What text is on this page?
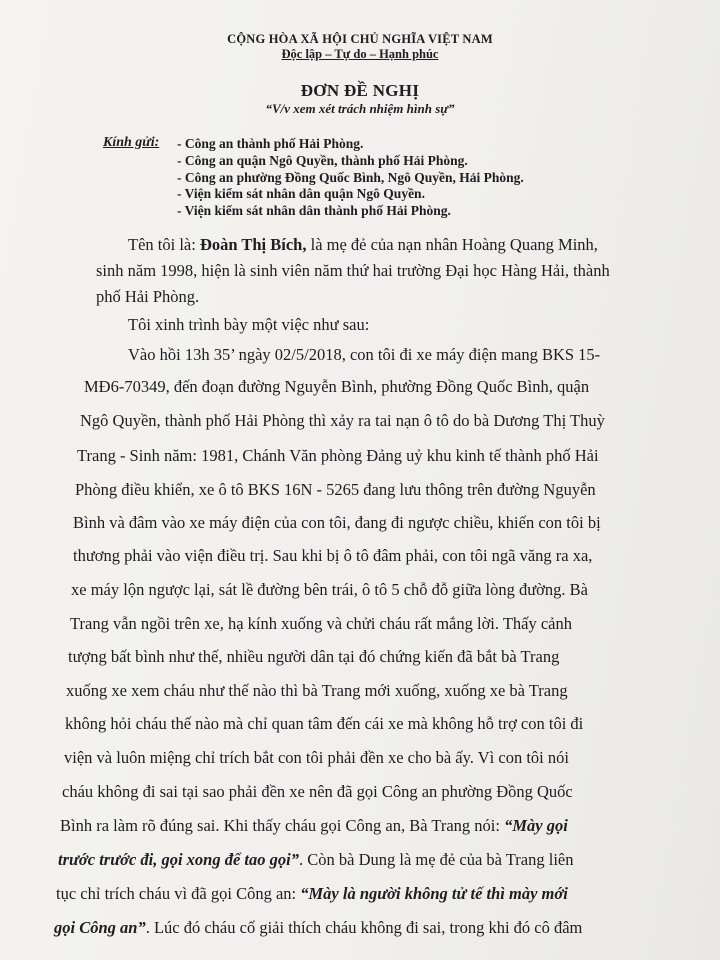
CỘNG HÒA XÃ HỘI CHỦ NGHĨA VIỆT NAM
Độc lập – Tự do – Hạnh phúc
ĐƠN ĐỀ NGHỊ
“V/v xem xét trách nhiệm hình sự”
Kính gửi: - Công an thành phố Hải Phòng.
- Công an quận Ngô Quyền, thành phố Hải Phòng.
- Công an phường Đồng Quốc Bình, Ngô Quyền, Hải Phòng.
- Viện kiểm sát nhân dân quận Ngô Quyền.
- Viện kiểm sát nhân dân thành phố Hải Phòng.
Tên tôi là: Đoàn Thị Bích, là mẹ đẻ của nạn nhân Hoàng Quang Minh,
sinh năm 1998, hiện là sinh viên năm thứ hai trường Đại học Hàng Hải, thành
phố Hải Phòng.
Tôi xinh trình bày một việc như sau:
Vào hồi 13h 35’ ngày 02/5/2018, con tôi đi xe máy điện mang BKS 15-
MĐ6-70349, đến đoạn đường Nguyễn Bình, phường Đồng Quốc Bình, quận
Ngô Quyền, thành phố Hải Phòng thì xảy ra tai nạn ô tô do bà Dương Thị Thuỳ
Trang - Sinh năm: 1981, Chánh Văn phòng Đảng uỷ khu kinh tế thành phố Hải
Phòng điều khiển, xe ô tô BKS 16N - 5265 đang lưu thông trên đường Nguyễn
Bình và đâm vào xe máy điện của con tôi, đang đi ngược chiều, khiến con tôi bị
thương phải vào viện điều trị. Sau khi bị ô tô đâm phải, con tôi ngã văng ra xa,
xe máy lộn ngược lại, sát lề đường bên trái, ô tô 5 chỗ đỗ giữa lòng đường. Bà
Trang vẫn ngồi trên xe, hạ kính xuống và chửi cháu rất mắng lời. Thấy cảnh
tượng bất bình như thế, nhiều người dân tại đó chứng kiến đã bắt bà Trang
xuống xe xem cháu như thế nào thì bà Trang mới xuống, xuống xe bà Trang
không hỏi cháu thế nào mà chỉ quan tâm đến cái xe mà không hỗ trợ con tôi đi
viện và luôn miệng chỉ trích bắt con tôi phải đền xe cho bà ấy. Vì con tôi nói
cháu không đi sai tại sao phải đền xe nên đã gọi Công an phường Đồng Quốc
Bình ra làm rõ đúng sai. Khi thấy cháu gọi Công an, Bà Trang nói: “Mày gọi
trước trước đi, gọi xong để tao gọi”. Còn bà Dung là mẹ đẻ của bà Trang liên
tục chỉ trích cháu vì đã gọi Công an: “Mày là người không tử tế thì mày mới
gọi Công an”. Lúc đó cháu cố giải thích cháu không đi sai, trong khi đó cô đâm
